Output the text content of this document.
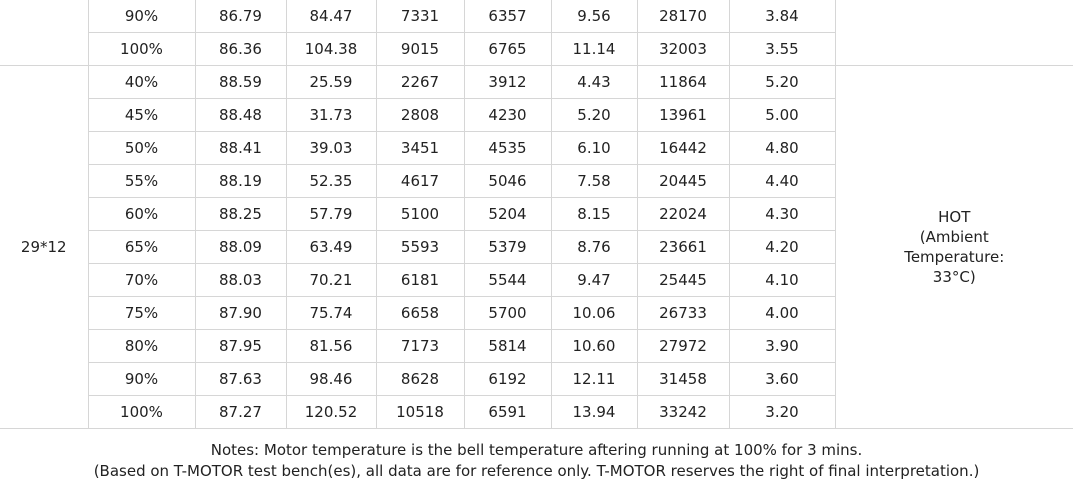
	90%	86.79	84.47	7331	6357	9.56	28170	3.84	
	100%	86.36	104.38	9015	6765	11.14	32003	3.55	
29*12	40%	88.59	25.59	2267	3912	4.43	11864	5.20	HOT
(Ambient
Temperature:
33°C)

	45%	88.48	31.73	2808	4230	5.20	13961	5.00	
	50%	88.41	39.03	3451	4535	6.10	16442	4.80	
	55%	88.19	52.35	4617	5046	7.58	20445	4.40	
	60%	88.25	57.79	5100	5204	8.15	22024	4.30	
	65%	88.09	63.49	5593	5379	8.76	23661	4.20	
	70%	88.03	70.21	6181	5544	9.47	25445	4.10	
	75%	87.90	75.74	6658	5700	10.06	26733	4.00	
	80%	87.95	81.56	7173	5814	10.60	27972	3.90	
	90%	87.63	98.46	8628	6192	12.11	31458	3.60	
	100%	87.27	120.52	10518	6591	13.94	33242	3.20	
Notes: Motor temperature is the bell temperature aftering running at 100% for 3 mins.
(Based on T-MOTOR test bench(es), all data are for reference only. T-MOTOR reserves the right of final interpretation.)
